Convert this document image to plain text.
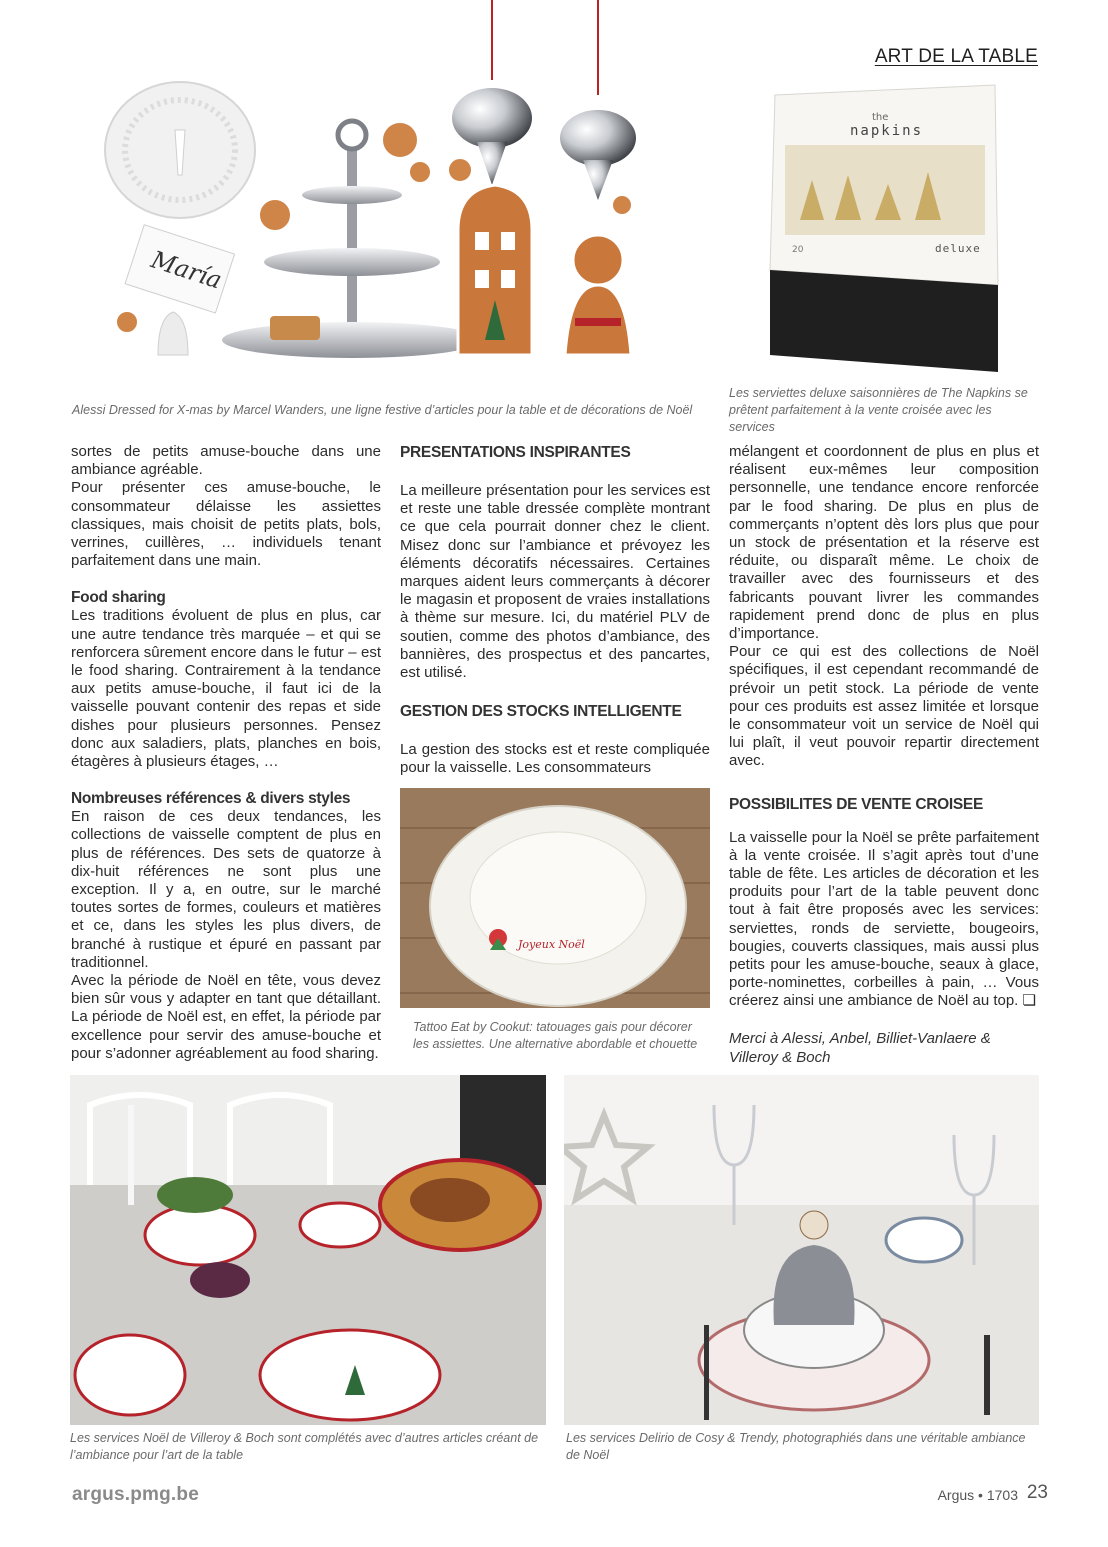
ART DE LA TABLE
María
the
napkins
20	deluxe
Alessi Dressed for X-mas by Marcel Wanders, une ligne festive d’articles pour la table et de décorations de Noël
Les serviettes deluxe saisonnières de The Napkins se prêtent parfaitement à la vente croisée avec les services

sortes de petits amuse-bouche dans une ambiance agréable.

Pour présenter ces amuse-bouche, le consommateur délaisse les assiettes classiques, mais choisit de petits plats, bols, verrines, cuillères, … individuels tenant parfaitement dans une main.

Food sharing

Les traditions évoluent de plus en plus, car une autre tendance très marquée – et qui se renforcera sûrement encore dans le futur – est le food sharing. Contrairement à la tendance aux petits amuse-bouche, il faut ici de la vaisselle pouvant contenir des repas et side dishes pour plusieurs personnes. Pensez donc aux saladiers, plats, planches en bois, étagères à plusieurs étages, …

Nombreuses références & divers styles

En raison de ces deux tendances, les collections de vaisselle comptent de plus en plus de références. Des sets de quatorze à dix-huit références ne sont plus une exception. Il y a, en outre, sur le marché toutes sortes de formes, couleurs et matières et ce, dans les styles les plus divers, de branché à rustique et épuré en passant par traditionnel.

Avec la période de Noël en tête, vous devez bien sûr vous y adapter en tant que détaillant. La période de Noël est, en effet, la période par excellence pour servir des amuse-bouche et pour s’adonner agréablement au food sharing.

PRESENTATIONS INSPIRANTES

La meilleure présentation pour les services est et reste une table dressée complète montrant ce que cela pourrait donner chez le client. Misez donc sur l’ambiance et prévoyez les éléments décoratifs nécessaires. Certaines marques aident leurs commerçants à décorer le magasin et proposent de vraies installations à thème sur mesure. Ici, du matériel PLV de soutien, comme des photos d’ambiance, des bannières, des prospectus et des pancartes, est utilisé.

GESTION DES STOCKS INTELLIGENTE

La gestion des stocks est et reste compliquée pour la vaisselle. Les consommateurs

Joyeux Noël
Tattoo Eat by Cookut: tatouages gais pour décorer les assiettes. Une alternative abordable et chouette

mélangent et coordonnent de plus en plus et réalisent eux-mêmes leur composition personnelle, une tendance encore renforcée par le food sharing. De plus en plus de commerçants n’optent dès lors plus que pour un stock de présentation et la réserve est réduite, ou disparaît même. Le choix de travailler avec des fournisseurs et des fabricants pouvant livrer les commandes rapidement prend donc de plus en plus d’importance.

Pour ce qui est des collections de Noël spécifiques, il est cependant recommandé de prévoir un petit stock. La période de vente pour ces produits est assez limitée et lorsque le consommateur voit un service de Noël qui lui plaît, il veut pouvoir repartir directement avec.

POSSIBILITES DE VENTE CROISEE

La vaisselle pour la Noël se prête parfaitement à la vente croisée. Il s’agit après tout d’une table de fête. Les articles de décoration et les produits pour l’art de la table peuvent donc tout à fait être proposés avec les services: serviettes, ronds de serviette, bougeoirs, bougies, couverts classiques, mais aussi plus petits pour les amuse-bouche, seaux à glace, porte-nominettes, corbeilles à pain, … Vous créerez ainsi une ambiance de Noël au top. ❏

Merci à Alessi, Anbel, Billiet-Vanlaere & Villeroy & Boch
Les services Noël de Villeroy & Boch sont complétés avec d’autres articles créant de l’ambiance pour l’art de la table
Les services Delirio de Cosy & Trendy, photographiés dans une véritable ambiance de Noël
argus.pmg.be	Argus • 1703 23
